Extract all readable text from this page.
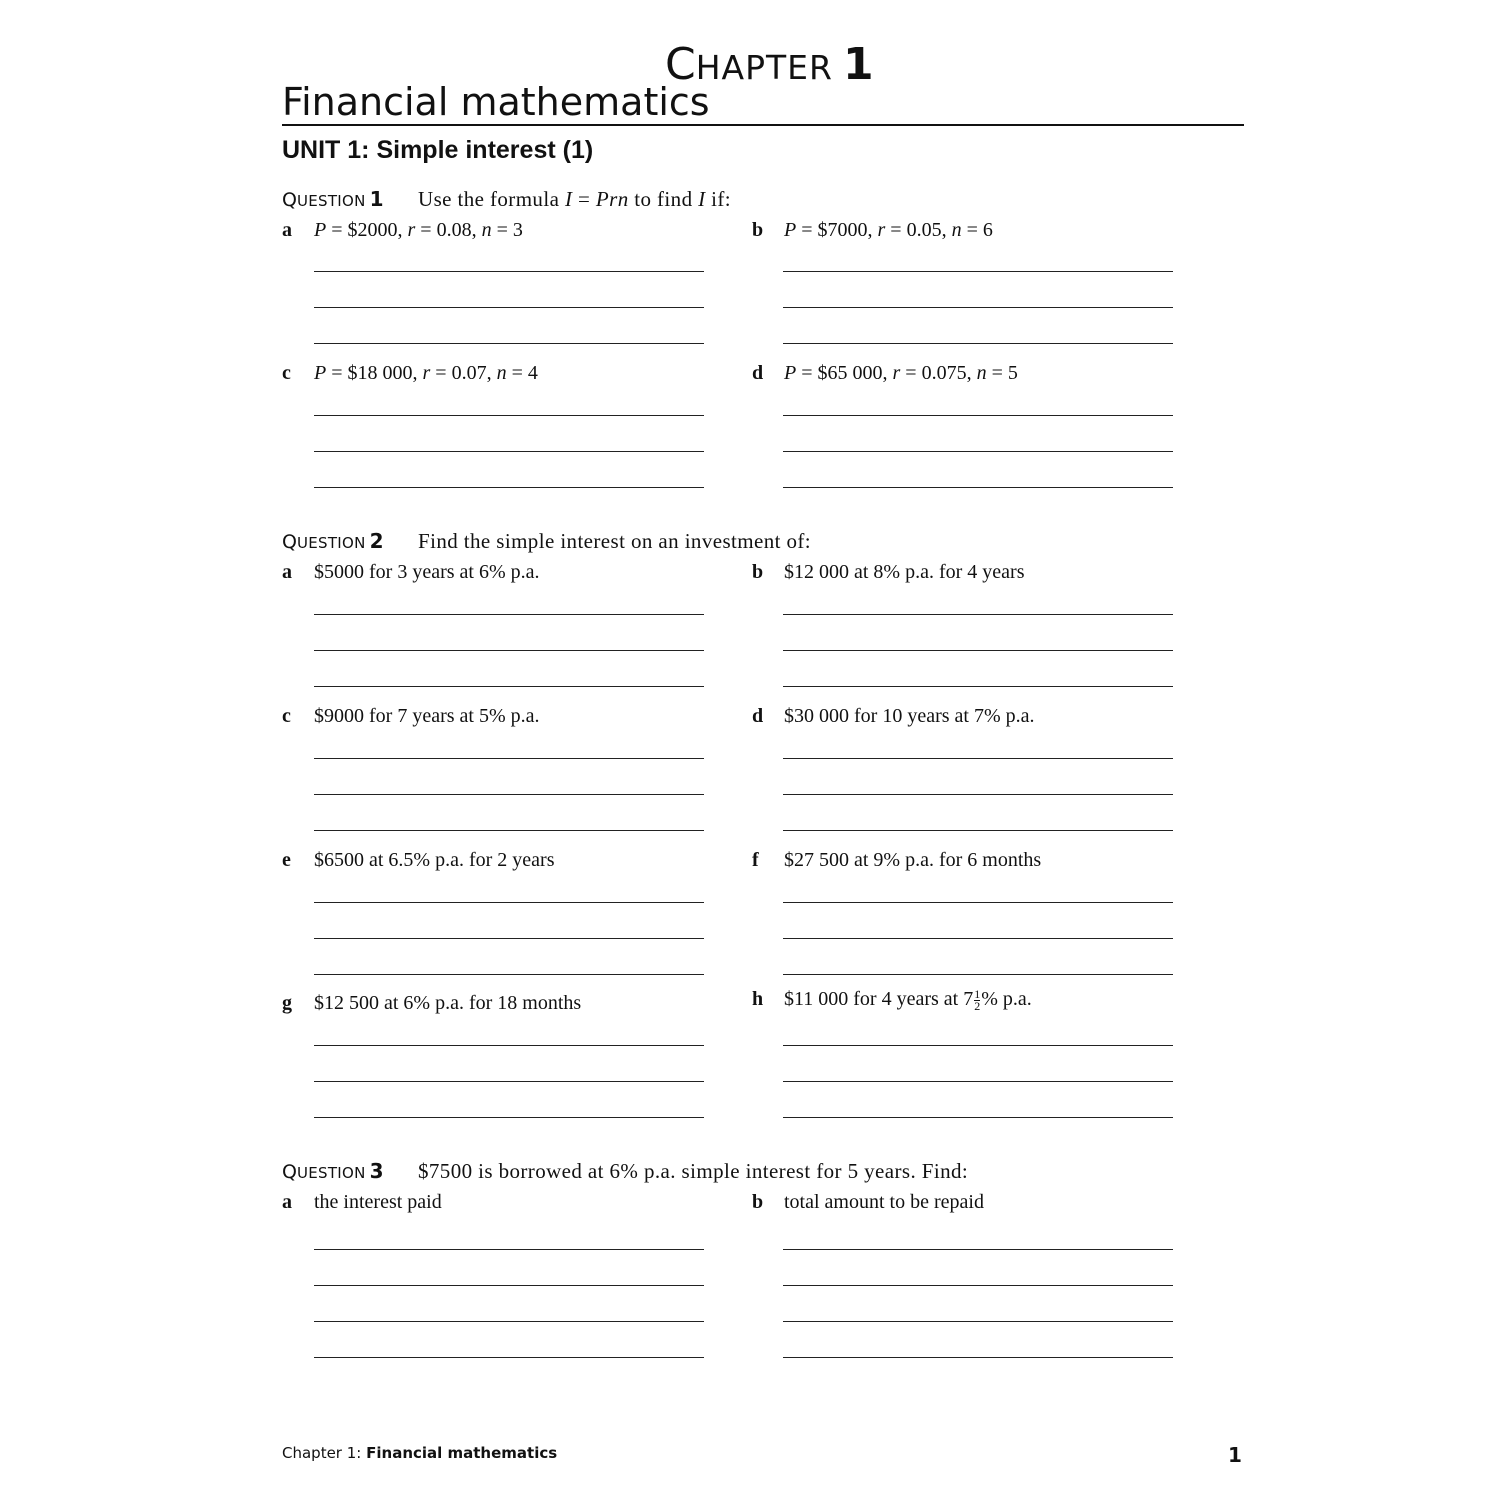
CHAPTER 1
Financial mathematics
UNIT 1: Simple interest (1)
QUESTION 1 Use the formula I = Prn to find I if:
a P = $2000, r = 0.08, n = 3	b P = $7000, r = 0.05, n = 6
c P = $18 000, r = 0.07, n = 4	d P = $65 000, r = 0.075, n = 5
QUESTION 2 Find the simple interest on an investment of:
a $5000 for 3 years at 6% p.a.	b $12 000 at 8% p.a. for 4 years
c $9000 for 7 years at 5% p.a.	d $30 000 for 10 years at 7% p.a.
e $6500 at 6.5% p.a. for 2 years	f $27 500 at 9% p.a. for 6 months
g $12 500 at 6% p.a. for 18 months	h $11 000 for 4 years at $7 \frac{1}{2}$ % p.a.
QUESTION 3 $7500 is borrowed at 6% p.a. simple interest for 5 years. Find:
a the interest paid	b total amount to be repaid
Chapter 1: Financial mathematics	1
